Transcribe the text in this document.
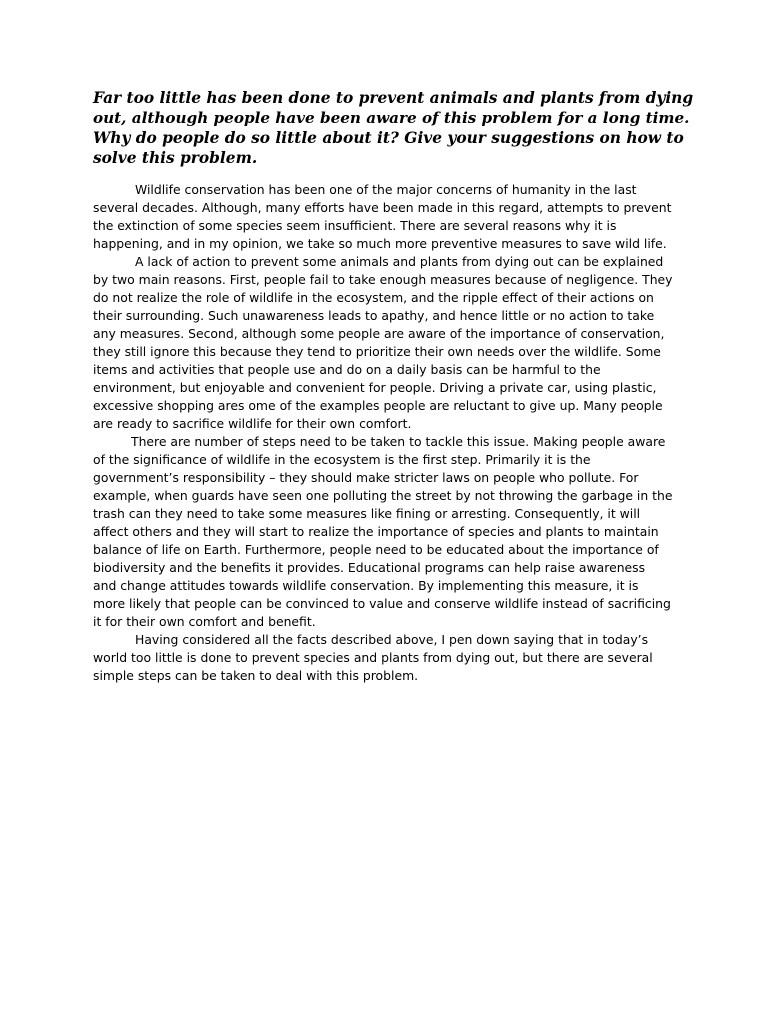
Far too little has been done to prevent animals and plants from dying
out, although people have been aware of this problem for a long time.
Why do people do so little about it? Give your suggestions on how to
solve this problem.
Wildlife conservation has been one of the major concerns of humanity in the last
several decades. Although, many efforts have been made in this regard, attempts to prevent
the extinction of some species seem insufficient. There are several reasons why it is
happening, and in my opinion, we take so much more preventive measures to save wild life.
A lack of action to prevent some animals and plants from dying out can be explained
by two main reasons. First, people fail to take enough measures because of negligence. They
do not realize the role of wildlife in the ecosystem, and the ripple effect of their actions on
their surrounding. Such unawareness leads to apathy, and hence little or no action to take
any measures. Second, although some people are aware of the importance of conservation,
they still ignore this because they tend to prioritize their own needs over the wildlife. Some
items and activities that people use and do on a daily basis can be harmful to the
environment, but enjoyable and convenient for people. Driving a private car, using plastic,
excessive shopping ares ome of the examples people are reluctant to give up. Many people
are ready to sacrifice wildlife for their own comfort.
There are number of steps need to be taken to tackle this issue. Making people aware
of the significance of wildlife in the ecosystem is the first step. Primarily it is the
government’s responsibility – they should make stricter laws on people who pollute. For
example, when guards have seen one polluting the street by not throwing the garbage in the
trash can they need to take some measures like fining or arresting. Consequently, it will
affect others and they will start to realize the importance of species and plants to maintain
balance of life on Earth. Furthermore, people need to be educated about the importance of
biodiversity and the benefits it provides. Educational programs can help raise awareness
and change attitudes towards wildlife conservation. By implementing this measure, it is
more likely that people can be convinced to value and conserve wildlife instead of sacrificing
it for their own comfort and benefit.
Having considered all the facts described above, I pen down saying that in today’s
world too little is done to prevent species and plants from dying out, but there are several
simple steps can be taken to deal with this problem.
